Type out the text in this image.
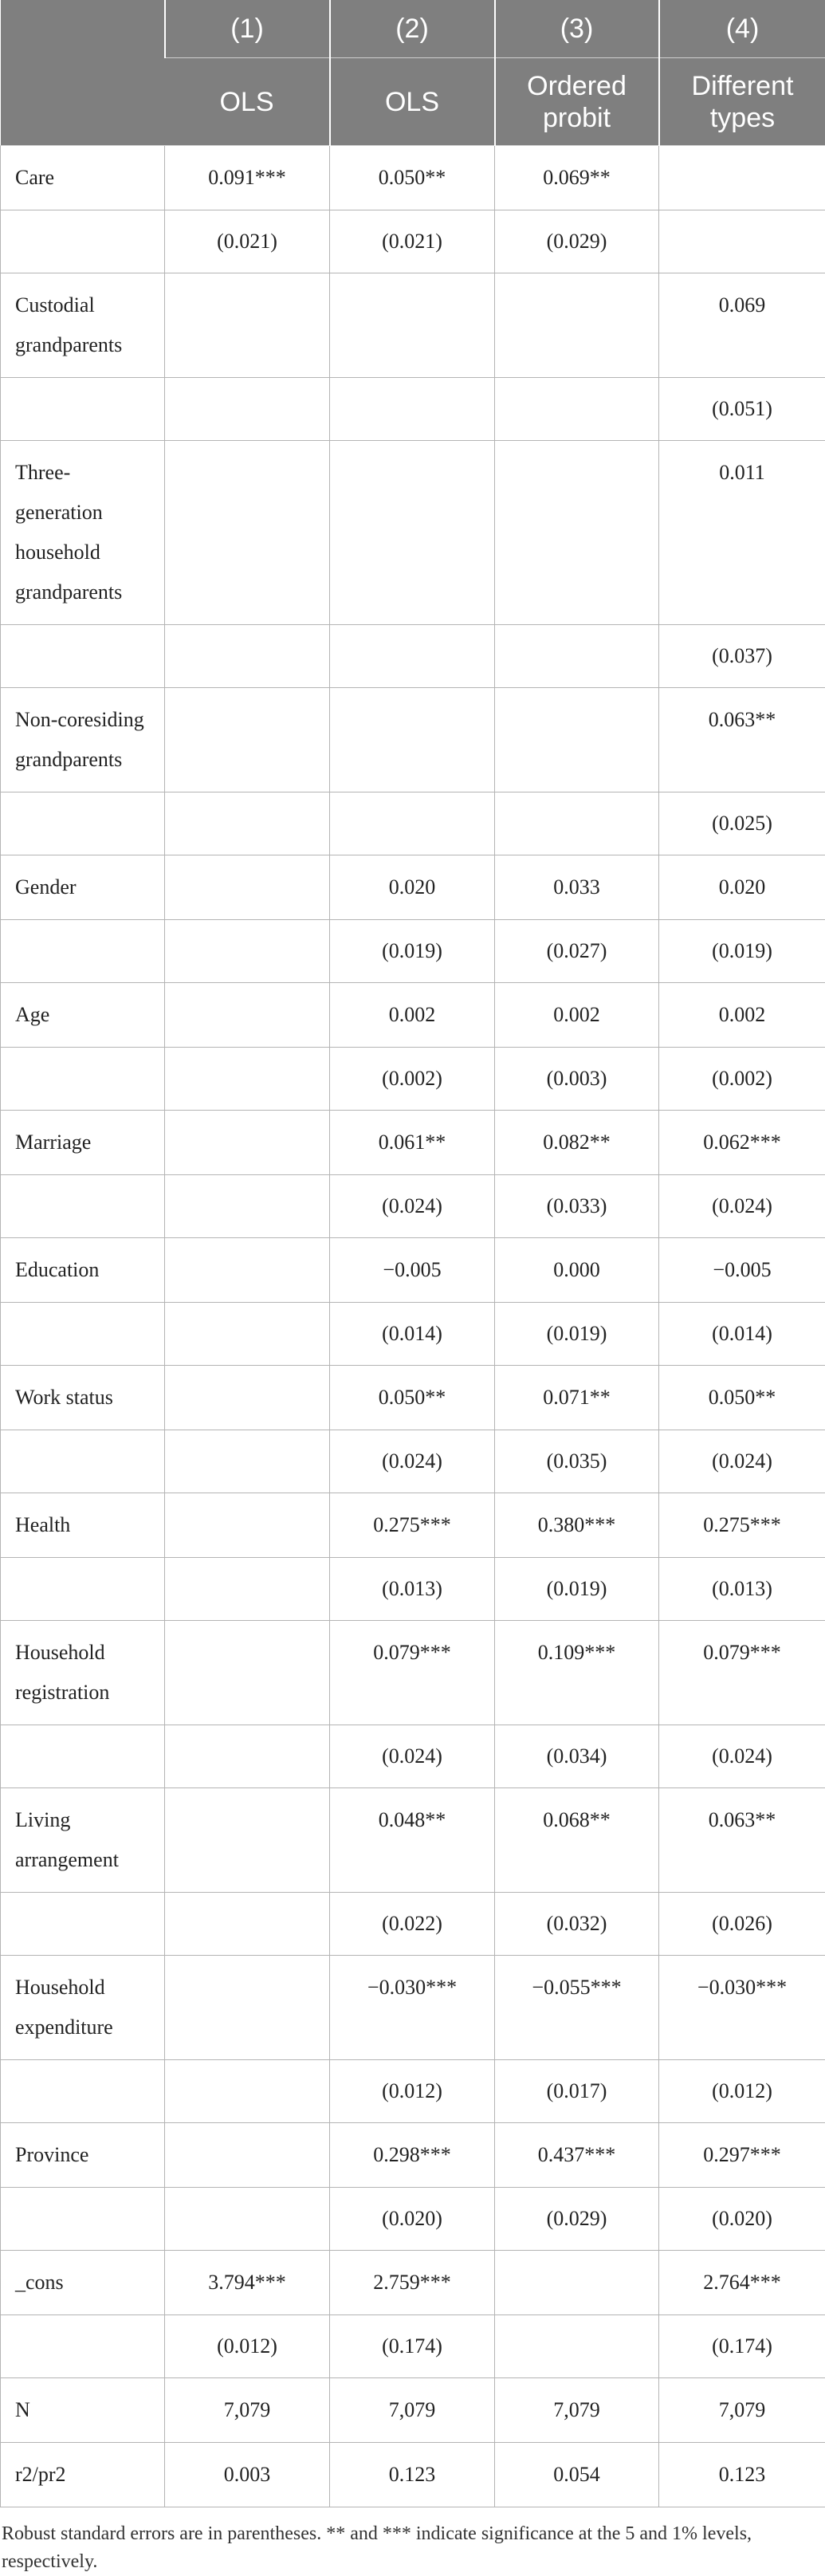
	(1)	(2)	(3)	(4)
	OLS	OLS	Ordered probit	Different types
Care	0.091***	0.050**	0.069**	
	(0.021)	(0.021)	(0.029)	
Custodial grandparents				0.069
				(0.051)
Three-generation household grandparents				0.011
				(0.037)
Non-coresiding grandparents				0.063**
				(0.025)
Gender		0.020	0.033	0.020
		(0.019)	(0.027)	(0.019)
Age		0.002	0.002	0.002
		(0.002)	(0.003)	(0.002)
Marriage		0.061**	0.082**	0.062***
		(0.024)	(0.033)	(0.024)
Education		−0.005	0.000	−0.005
		(0.014)	(0.019)	(0.014)
Work status		0.050**	0.071**	0.050**
		(0.024)	(0.035)	(0.024)
Health		0.275***	0.380***	0.275***
		(0.013)	(0.019)	(0.013)
Household registration		0.079***	0.109***	0.079***
		(0.024)	(0.034)	(0.024)
Living arrangement		0.048**	0.068**	0.063**
		(0.022)	(0.032)	(0.026)
Household expenditure		−0.030***	−0.055***	−0.030***
		(0.012)	(0.017)	(0.012)
Province		0.298***	0.437***	0.297***
		(0.020)	(0.029)	(0.020)
_cons	3.794***	2.759***		2.764***
	(0.012)	(0.174)		(0.174)
N	7,079	7,079	7,079	7,079
r2/pr2	0.003	0.123	0.054	0.123
Robust standard errors are in parentheses. ** and *** indicate significance at the 5 and 1% levels, respectively.
